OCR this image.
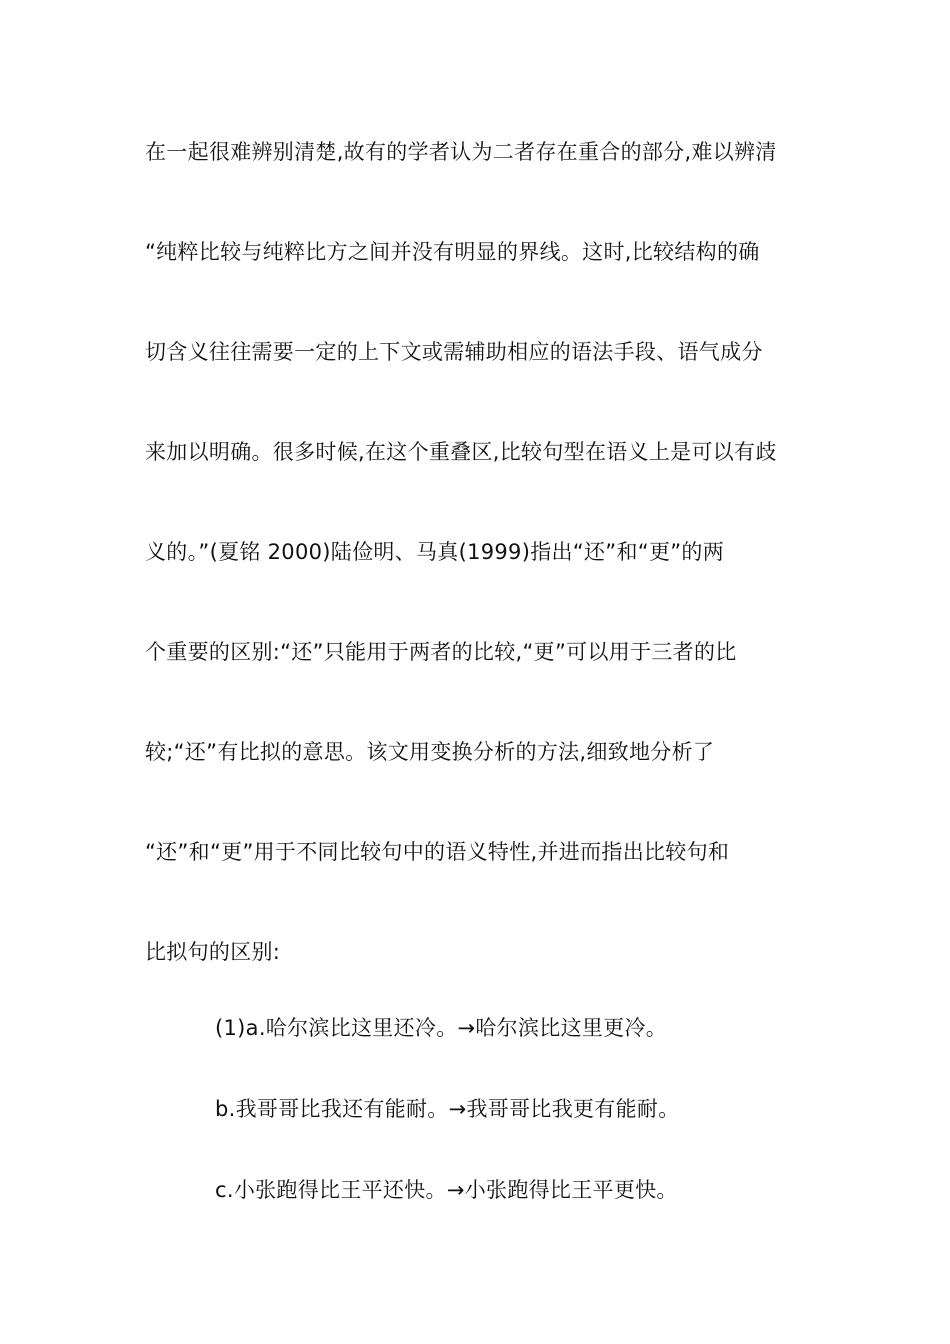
在一起很难辨别清楚,故有的学者认为二者存在重合的部分,难以辨清
“纯粹比较与纯粹比方之间并没有明显的界线。这时,比较结构的确
切含义往往需要一定的上下文或需辅助相应的语法手段、语气成分
来加以明确。很多时候,在这个重叠区,比较句型在语义上是可以有歧
义的。”(夏铭 2000)陆俭明、马真(1999)指出“还”和“更”的两
个重要的区别:“还”只能用于两者的比较,“更”可以用于三者的比
较;“还”有比拟的意思。该文用变换分析的方法,细致地分析了
“还”和“更”用于不同比较句中的语义特性,并进而指出比较句和
比拟句的区别:
(1)a.哈尔滨比这里还冷。→哈尔滨比这里更冷。
b.我哥哥比我还有能耐。→我哥哥比我更有能耐。
c.小张跑得比王平还快。→小张跑得比王平更快。
